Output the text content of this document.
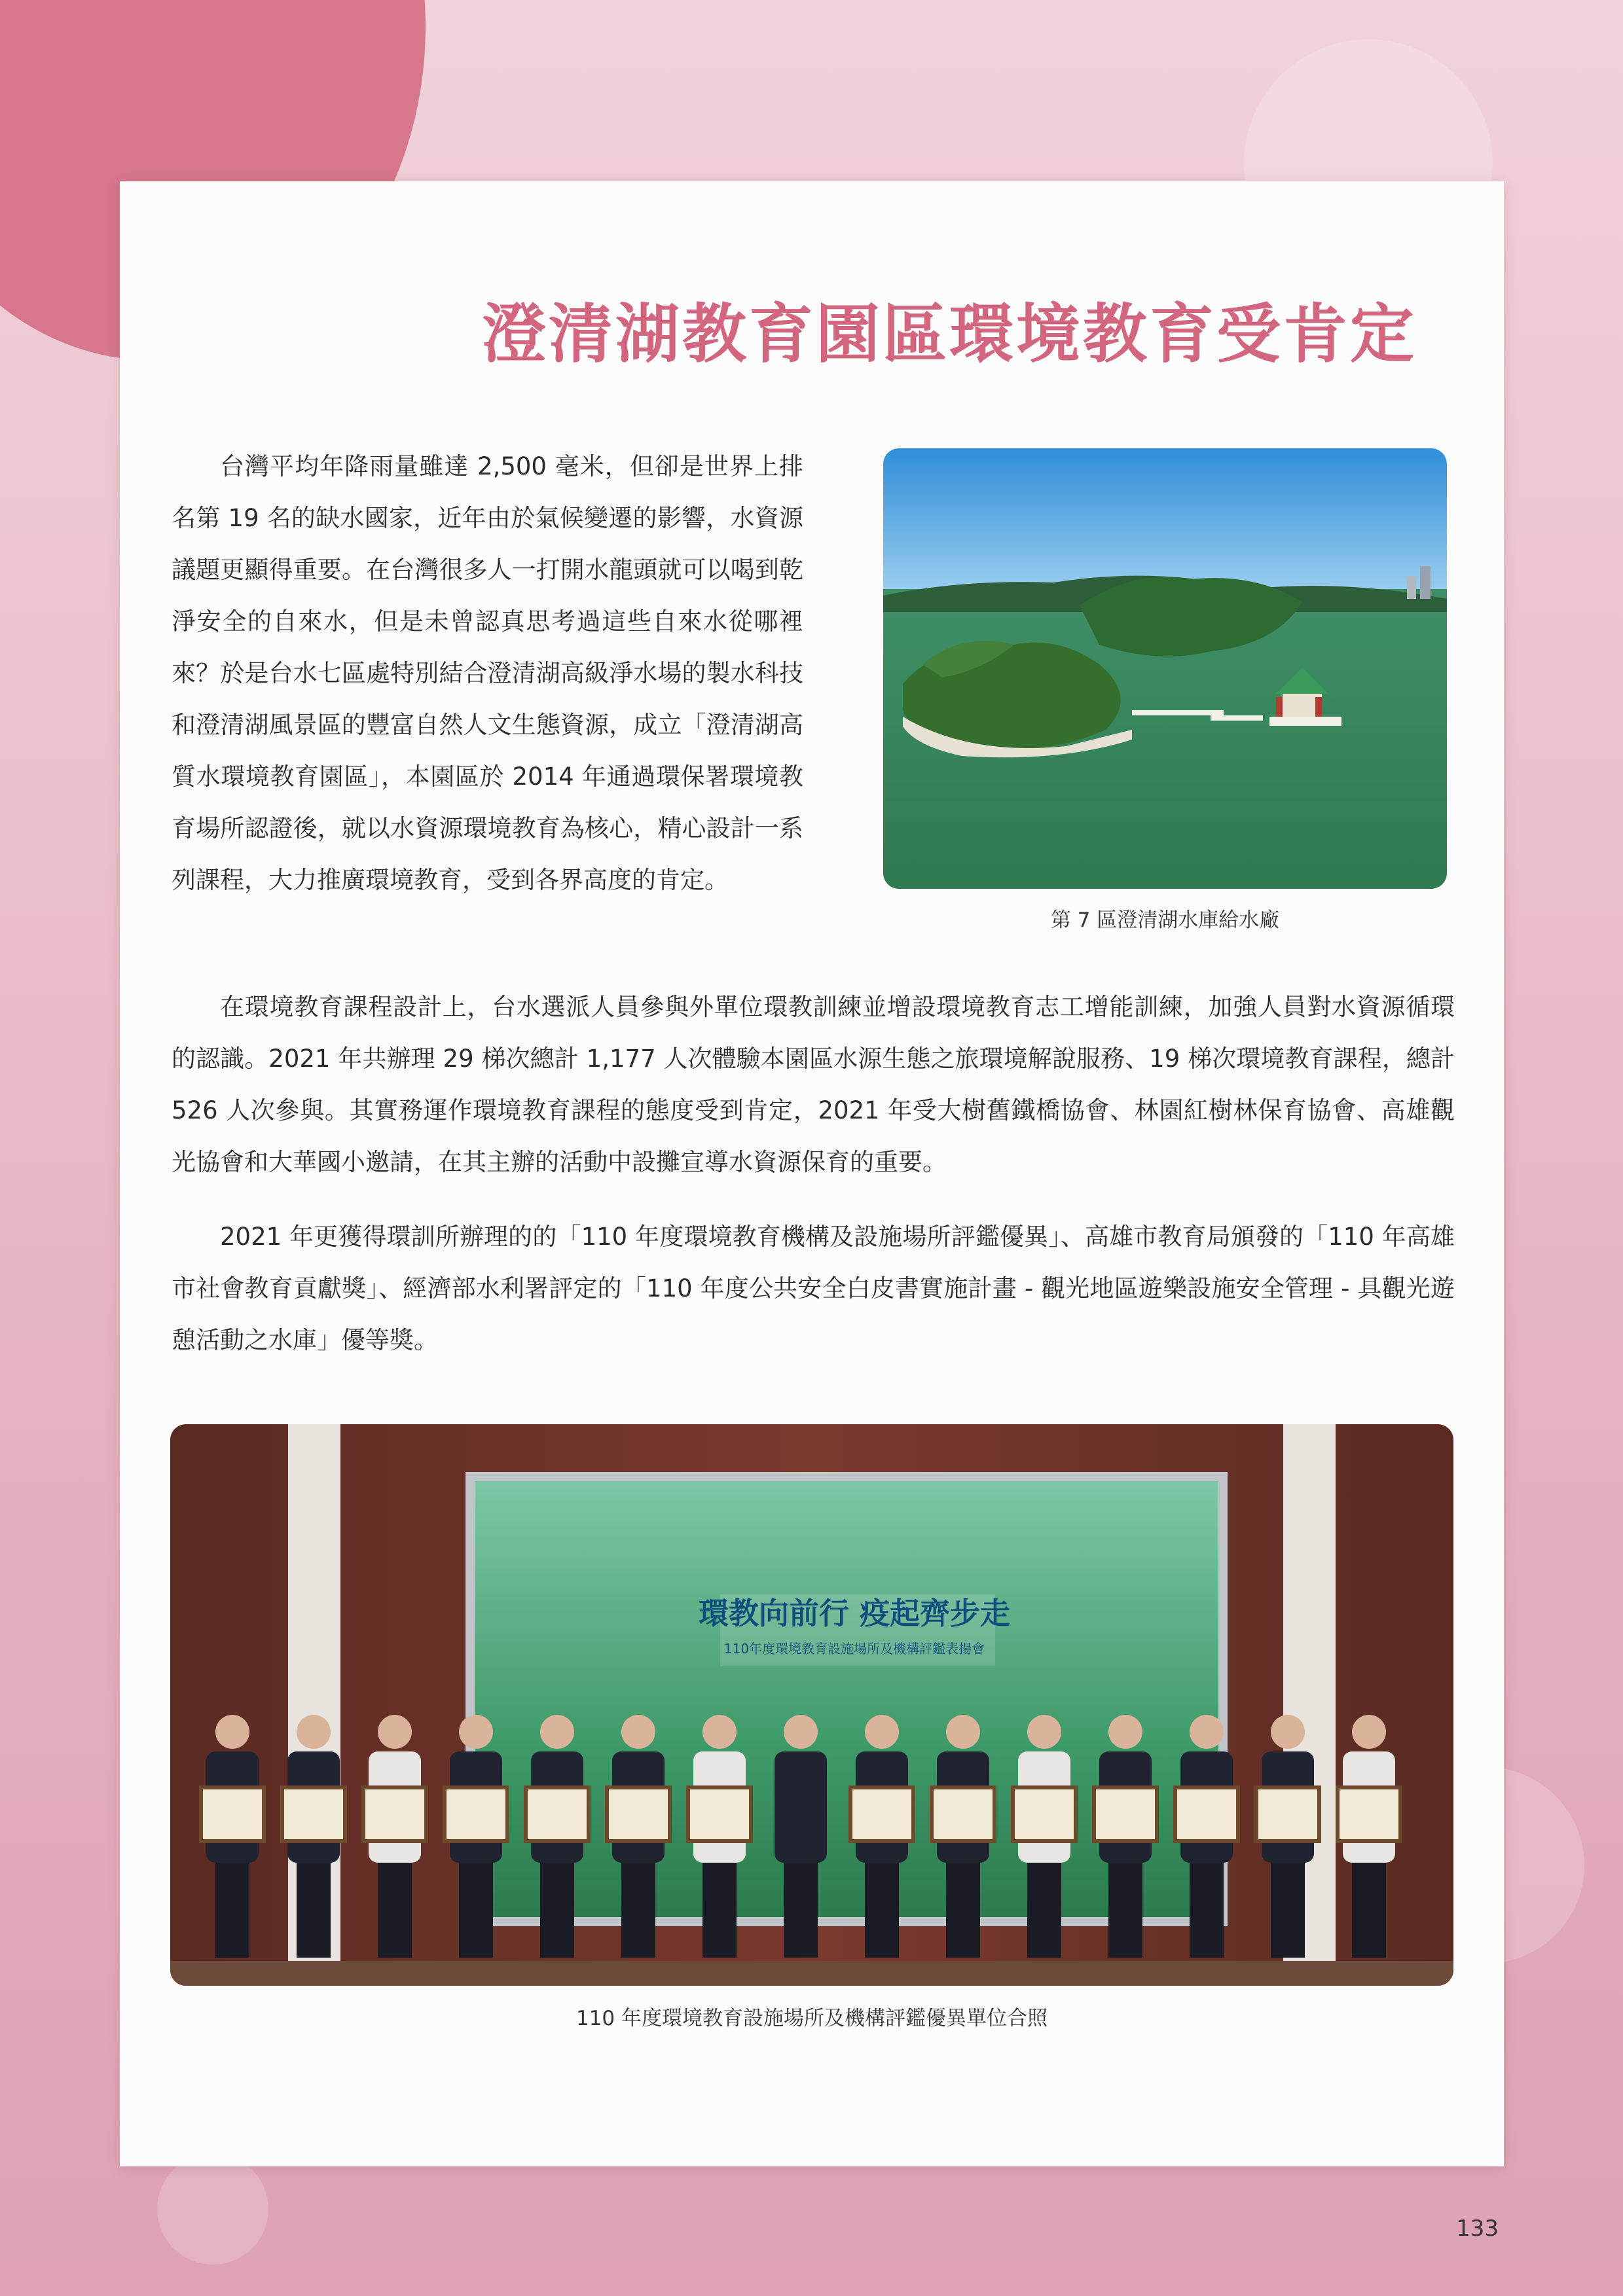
澄清湖教育園區環境教育受肯定

台灣平均年降雨量雖達 2,500 毫米，但卻是世界上排名第 19 名的缺水國家，近年由於氣候變遷的影響，水資源議題更顯得重要。在台灣很多人一打開水龍頭就可以喝到乾淨安全的自來水，但是未曾認真思考過這些自來水從哪裡來？於是台水七區處特別結合澄清湖高級淨水場的製水科技和澄清湖風景區的豐富自然人文生態資源，成立「澄清湖高質水環境教育園區」，本園區於 2014 年通過環保署環境教育場所認證後，就以水資源環境教育為核心，精心設計一系列課程，大力推廣環境教育，受到各界高度的肯定。

第 7 區澄清湖水庫給水廠

在環境教育課程設計上，台水選派人員參與外單位環教訓練並增設環境教育志工增能訓練，加強人員對水資源循環的認識。2021 年共辦理 29 梯次總計 1,177 人次體驗本園區水源生態之旅環境解說服務、19 梯次環境教育課程，總計 526 人次參與。其實務運作環境教育課程的態度受到肯定，2021 年受大樹舊鐵橋協會、林園紅樹林保育協會、高雄觀光協會和大華國小邀請，在其主辦的活動中設攤宣導水資源保育的重要。

2021 年更獲得環訓所辦理的的「110 年度環境教育機構及設施場所評鑑優異」、高雄市教育局頒發的「110 年高雄市社會教育貢獻獎」、經濟部水利署評定的「110 年度公共安全白皮書實施計畫 - 觀光地區遊樂設施安全管理 - 具觀光遊憩活動之水庫」優等獎。

環教向前行 疫起齊步走
110年度環境教育設施場所及機構評鑑表揚會
110 年度環境教育設施場所及機構評鑑優異單位合照
133
